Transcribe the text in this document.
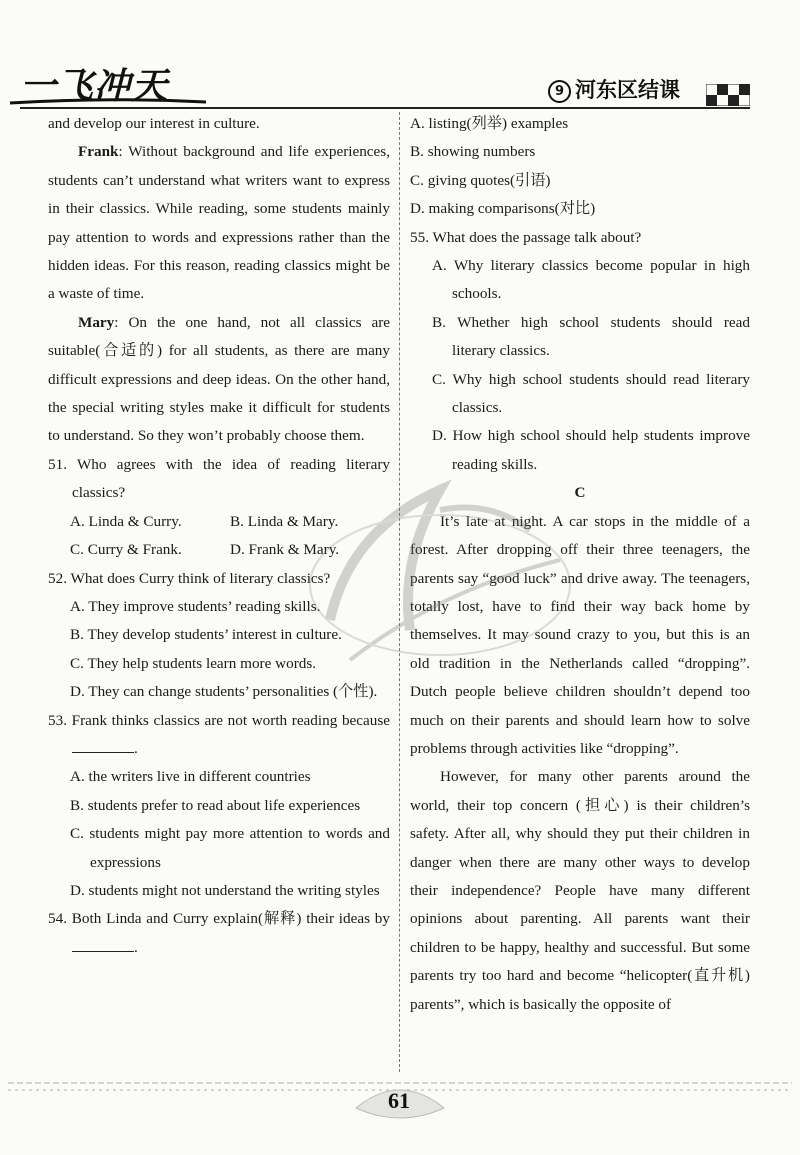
一飞冲天	9 河东区结课

and develop our interest in culture.

Frank: Without background and life experiences, students can’t understand what writers want to express in their classics. While reading, some students mainly pay attention to words and expressions rather than the hidden ideas. For this reason, reading classics might be a waste of time.

Mary: On the one hand, not all classics are suitable(合适的) for all students, as there are many difficult expressions and deep ideas. On the other hand, the special writing styles make it difficult for students to understand. So they won’t probably choose them.

51. Who agrees with the idea of reading literary classics?

A. Linda & Curry.	B. Linda & Mary.

C. Curry & Frank.	D. Frank & Mary.

52. What does Curry think of literary classics?

A. They improve students’ reading skills.

B. They develop students’ interest in culture.

C. They help students learn more words.

D. They can change students’ personalities (个性).

53. Frank thinks classics are not worth reading because .

A. the writers live in different countries

B. students prefer to read about life experiences

C. students might pay more attention to words and expressions

D. students might not understand the writing styles

54. Both Linda and Curry explain(解释) their ideas by .

A. listing(列举) examples

B. showing numbers

C. giving quotes(引语)

D. making comparisons(对比)

55. What does the passage talk about?

A. Why literary classics become popular in high schools.

B. Whether high school students should read literary classics.

C. Why high school students should read literary classics.

D. How high school should help students improve reading skills.

C

It’s late at night. A car stops in the middle of a forest. After dropping off their three teenagers, the parents say “good luck” and drive away. The teenagers, totally lost, have to find their way back home by themselves. It may sound crazy to you, but this is an old tradition in the Netherlands called “dropping”. Dutch people believe children shouldn’t depend too much on their parents and should learn how to solve problems through activities like “dropping”.

However, for many other parents around the world, their top concern (担心) is their children’s safety. After all, why should they put their children in danger when there are many other ways to develop their independence? People have many different opinions about parenting. All parents want their children to be happy, healthy and successful. But some parents try too hard and become “helicopter(直升机) parents”, which is basically the opposite of

61
